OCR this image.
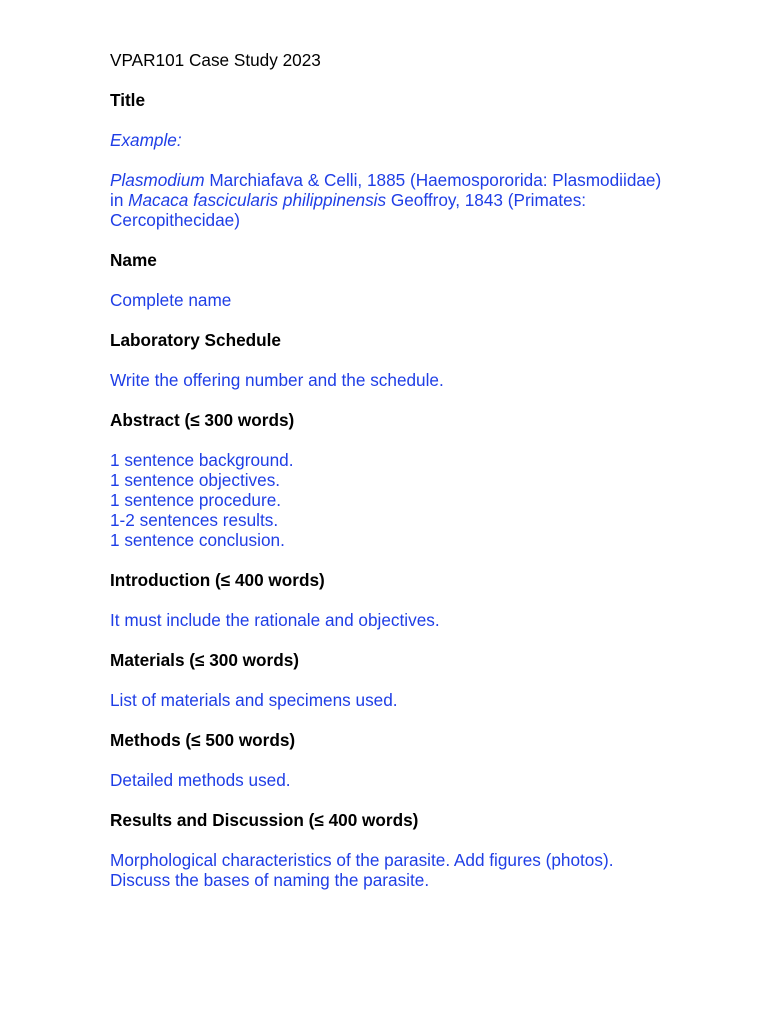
VPAR101 Case Study 2023
Title
Example:
Plasmodium Marchiafava & Celli, 1885 (Haemospororida: Plasmodiidae)
in Macaca fascicularis philippinensis Geoffroy, 1843 (Primates:
Cercopithecidae)
Name
Complete name
Laboratory Schedule
Write the offering number and the schedule.
Abstract (≤ 300 words)
1 sentence background.
1 sentence objectives.
1 sentence procedure.
1-2 sentences results.
1 sentence conclusion.
Introduction (≤ 400 words)
It must include the rationale and objectives.
Materials (≤ 300 words)
List of materials and specimens used.
Methods (≤ 500 words)
Detailed methods used.
Results and Discussion (≤ 400 words)
Morphological characteristics of the parasite. Add figures (photos).
Discuss the bases of naming the parasite.
